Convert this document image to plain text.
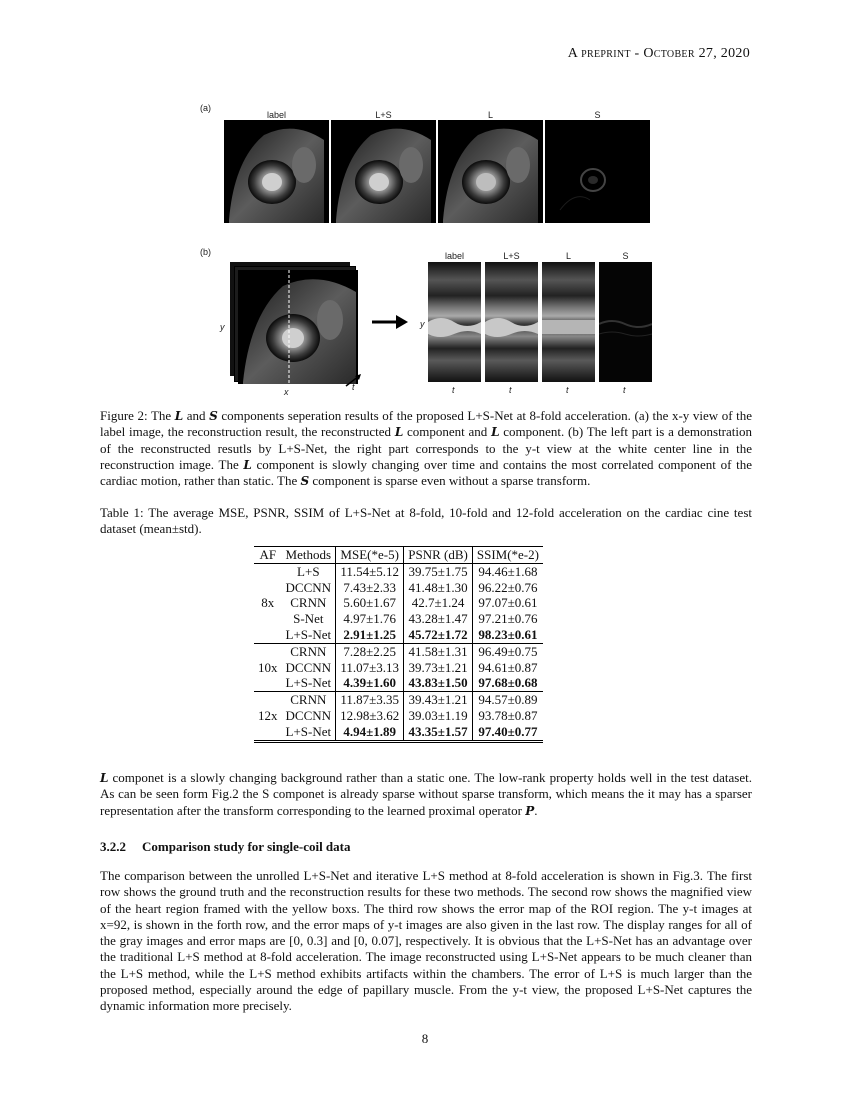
A preprint - October 27, 2020
(a)
label	L+S	L	S
(b)
y
x	t
y
label	L+S	L	S
t	t	t	t
Figure 2: The L and S components seperation results of the proposed L+S-Net at 8-fold acceleration. (a) the x-y view of the label image, the reconstruction result, the reconstructed L component and L component. (b) The left part is a demonstration of the reconstructed resutls by L+S-Net, the right part corresponds to the y-t view at the white center line in the reconstruction image. The L component is slowly changing over time and contains the most correlated component of the cardiac motion, rather than static. The S component is sparse even without a sparse transform.
Table 1: The average MSE, PSNR, SSIM of L+S-Net at 8-fold, 10-fold and 12-fold acceleration on the cardiac cine test dataset (mean±std).
AF	Methods	MSE(*e-5)	PSNR (dB)	SSIM(*e-2)
8x	L+S	11.54±5.12	39.75±1.75	94.46±1.68
	DCCNN	7.43±2.33	41.48±1.30	96.22±0.76
	CRNN	5.60±1.67	42.7±1.24	97.07±0.61
	S-Net	4.97±1.76	43.28±1.47	97.21±0.76
	L+S-Net	2.91±1.25	45.72±1.72	98.23±0.61
10x	CRNN	7.28±2.25	41.58±1.31	96.49±0.75
	DCCNN	11.07±3.13	39.73±1.21	94.61±0.87
	L+S-Net	4.39±1.60	43.83±1.50	97.68±0.68
12x	CRNN	11.87±3.35	39.43±1.21	94.57±0.89
	DCCNN	12.98±3.62	39.03±1.19	93.78±0.87
	L+S-Net	4.94±1.89	43.35±1.57	97.40±0.77
L componet is a slowly changing background rather than a static one. The low-rank property holds well in the test dataset. As can be seen form Fig.2 the S componet is already sparse without sparse transform, which means the it may has a sparser representation after the transform corresponding to the learned proximal operator P.
3.2.2 Comparison study for single-coil data
The comparison between the unrolled L+S-Net and iterative L+S method at 8-fold acceleration is shown in Fig.3. The first row shows the ground truth and the reconstruction results for these two methods. The second row shows the magnified view of the heart region framed with the yellow boxs. The third row shows the error map of the ROI region. The y-t images at x=92, is shown in the forth row, and the error maps of y-t images are also given in the last row. The display ranges for all of the gray images and error maps are [0, 0.3] and [0, 0.07], respectively. It is obvious that the L+S-Net has an advantage over the traditional L+S method at 8-fold acceleration. The image reconstructed using L+S-Net appears to be much cleaner than the L+S method, while the L+S method exhibits artifacts within the chambers. The error of L+S is much larger than the proposed method, especially around the edge of papillary muscle. From the y-t view, the proposed L+S-Net captures the dynamic information more precisely.
8
